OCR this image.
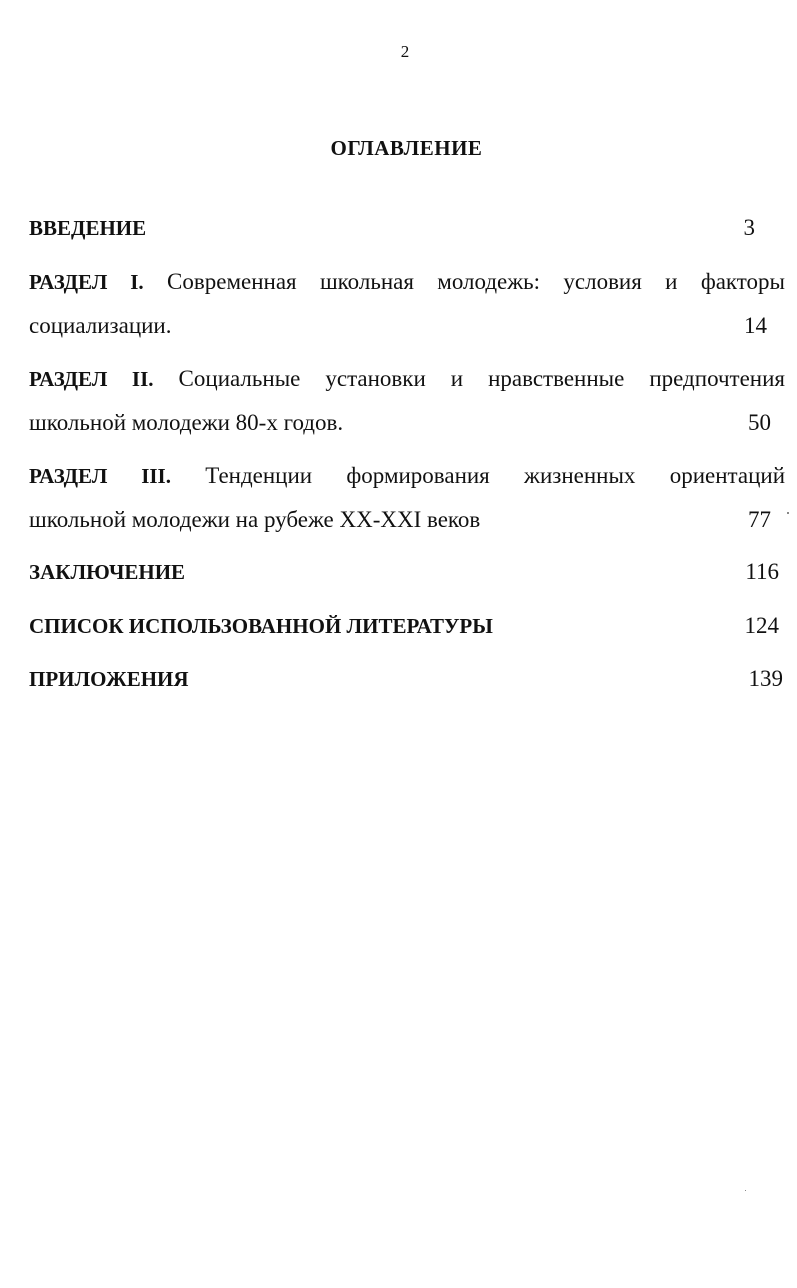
2
ОГЛАВЛЕНИЕ
ВВЕДЕНИЕ	3
РАЗДЕЛ I. Современная школьная молодежь: условия и факторы
социализации.	14
РАЗДЕЛ II. Социальные установки и нравственные предпочтения
школьной молодежи 80-х годов.	50
РАЗДЕЛ III. Тенденции формирования жизненных ориентаций
школьной молодежи на рубеже XX-XXI веков	77
ЗАКЛЮЧЕНИЕ	116
СПИСОК ИСПОЛЬЗОВАННОЙ ЛИТЕРАТУРЫ	124
ПРИЛОЖЕНИЯ	139
